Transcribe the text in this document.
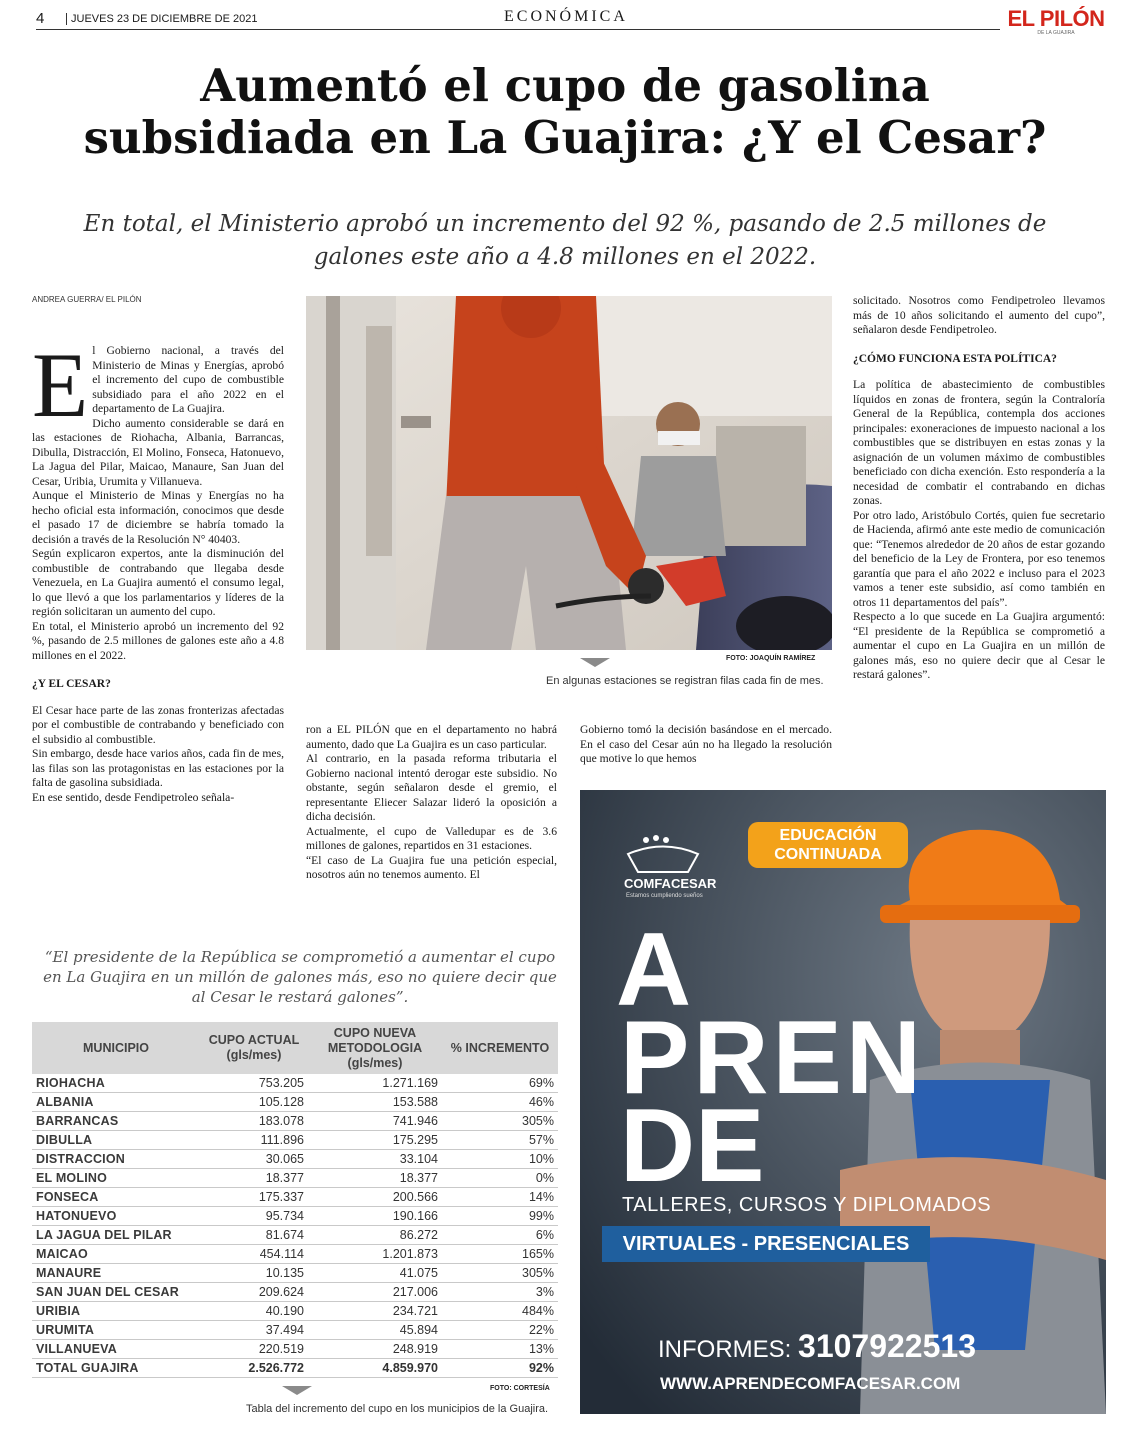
4	JUEVES 23 DE DICIEMBRE DE 2021	ECONÓMICA	EL PILÓN
DE LA GUAJIRA
Aumentó el cupo de gasolina
subsidiada en La Guajira: ¿Y el Cesar?
En total, el Ministerio aprobó un incremento del 92 %, pasando de 2.5 millones de
galones este año a 4.8 millones en el 2022.
ANDREA GUERRA/ EL PILÓN
E l Gobierno nacional, a través del Ministerio de Minas y Energías, aprobó el incremento del cupo de combustible subsidiado para el año 2022 en el departamento de La Guajira.

Dicho aumento considerable se dará en las estaciones de Riohacha, Albania, Barrancas, Dibulla, Distracción, El Molino, Fonseca, Hatonuevo, La Jagua del Pilar, Maicao, Manaure, San Juan del Cesar, Uribia, Urumita y Villanueva.

Aunque el Ministerio de Minas y Energías no ha hecho oficial esta información, conocimos que desde el pasado 17 de diciembre se habría tomado la decisión a través de la Resolución N° 40403.

Según explicaron expertos, ante la disminución del combustible de contrabando que llegaba desde Venezuela, en La Guajira aumentó el consumo legal, lo que llevó a que los parlamentarios y líderes de la región solicitaran un aumento del cupo.

En total, el Ministerio aprobó un incremento del 92 %, pasando de 2.5 millones de galones este año a 4.8 millones en el 2022.

¿Y EL CESAR?

El Cesar hace parte de las zonas fronterizas afectadas por el combustible de contrabando y beneficiado con el subsidio al combustible.

Sin embargo, desde hace varios años, cada fin de mes, las filas son las protagonistas en las estaciones por la falta de gasolina subsidiada.

En ese sentido, desde Fendipetroleo señala-

FOTO: JOAQUÍN RAMÍREZ
En algunas estaciones se registran filas cada fin de mes.

ron a EL PILÓN que en el departamento no habrá aumento, dado que La Guajira es un caso particular.

Al contrario, en la pasada reforma tributaria el Gobierno nacional intentó derogar este subsidio. No obstante, según señalaron desde el gremio, el representante Eliecer Salazar lideró la oposición a dicha decisión.

Actualmente, el cupo de Valledupar es de 3.6 millones de galones, repartidos en 31 estaciones.

“El caso de La Guajira fue una petición especial, nosotros aún no tenemos aumento. El

Gobierno tomó la decisión basándose en el mercado. En el caso del Cesar aún no ha llegado la resolución que motive lo que hemos

solicitado. Nosotros como Fendipetroleo llevamos más de 10 años solicitando el aumento del cupo”, señalaron desde Fendipetroleo.

¿CÓMO FUNCIONA ESTA POLÍTICA?

La política de abastecimiento de combustibles líquidos en zonas de frontera, según la Contraloría General de la República, contempla dos acciones principales: exoneraciones de impuesto nacional a los combustibles que se distribuyen en estas zonas y la asignación de un volumen máximo de combustibles beneficiado con dicha exención. Esto respondería a la necesidad de combatir el contrabando en dichas zonas.

Por otro lado, Aristóbulo Cortés, quien fue secretario de Hacienda, afirmó ante este medio de comunicación que: “Tenemos alrededor de 20 años de estar gozando del beneficio de la Ley de Frontera, por eso tenemos garantía que para el año 2022 e incluso para el 2023 vamos a tener este subsidio, así como también en otros 11 departamentos del país”.

Respecto a lo que sucede en La Guajira argumentó: “El presidente de la República se comprometió a aumentar el cupo en La Guajira en un millón de galones más, eso no quiere decir que al Cesar le restará galones”.

“El presidente de la República se comprometió a aumentar el cupo en La Guajira en un millón de galones más, eso no quiere decir que al Cesar le restará galones”.
MUNICIPIO	CUPO ACTUAL (gls/mes)	CUPO NUEVA METODOLOGIA (gls/mes)	% INCREMENTO
RIOHACHA	753.205	1.271.169	69%
ALBANIA	105.128	153.588	46%
BARRANCAS	183.078	741.946	305%
DIBULLA	111.896	175.295	57%
DISTRACCION	30.065	33.104	10%
EL MOLINO	18.377	18.377	0%
FONSECA	175.337	200.566	14%
HATONUEVO	95.734	190.166	99%
LA JAGUA DEL PILAR	81.674	86.272	6%
MAICAO	454.114	1.201.873	165%
MANAURE	10.135	41.075	305%
SAN JUAN DEL CESAR	209.624	217.006	3%
URIBIA	40.190	234.721	484%
URUMITA	37.494	45.894	22%
VILLANUEVA	220.519	248.919	13%
TOTAL GUAJIRA	2.526.772	4.859.970	92%
FOTO: CORTESÍA
Tabla del incremento del cupo en los municipios de la Guajira.
EDUCACIÓN
CONTINUADA
COMFACESAR
Estamos cumpliendo sueños
A
PREN
DE
TALLERES, CURSOS Y DIPLOMADOS
VIRTUALES - PRESENCIALES
INFORMES: 3107922513
WWW.APRENDECOMFACESAR.COM
